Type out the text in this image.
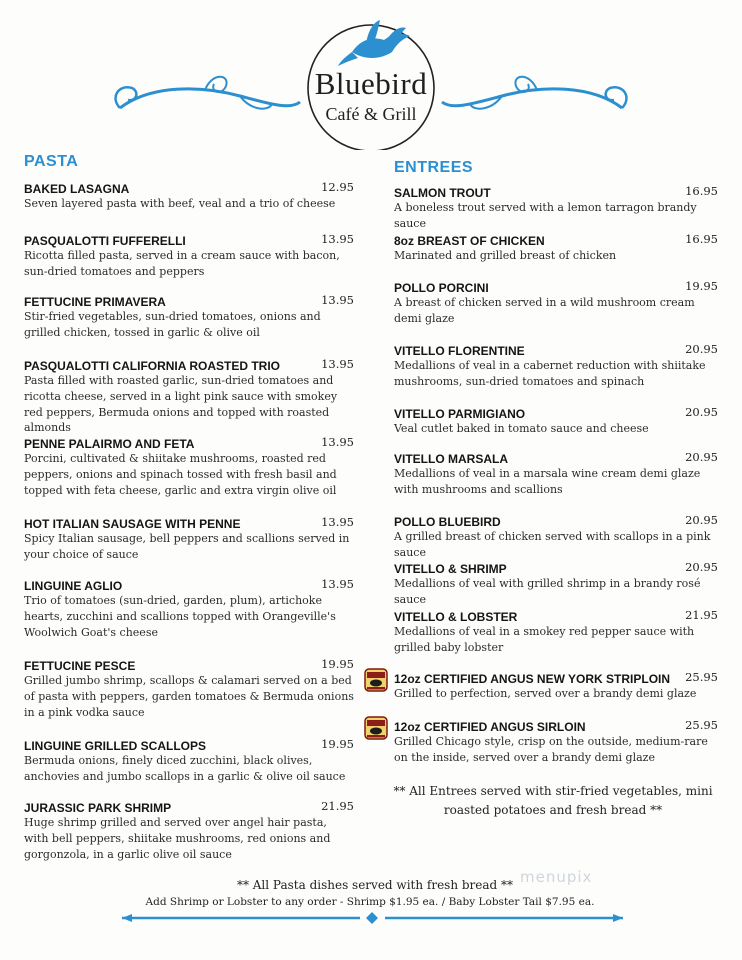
Bluebird
Café & Grill
PASTA
BAKED LASAGNA	12.95
Seven layered pasta with beef, veal and a trio of cheese
PASQUALOTTI FUFFERELLI	13.95
Ricotta filled pasta, served in a cream sauce with bacon, sun-dried tomatoes and peppers
FETTUCINE PRIMAVERA	13.95
Stir-fried vegetables, sun-dried tomatoes, onions and grilled chicken, tossed in garlic & olive oil
PASQUALOTTI CALIFORNIA ROASTED TRIO	13.95
Pasta filled with roasted garlic, sun-dried tomatoes and ricotta cheese, served in a light pink sauce with smokey red peppers, Bermuda onions and topped with roasted almonds
PENNE PALAIRMO AND FETA	13.95
Porcini, cultivated & shiitake mushrooms, roasted red peppers, onions and spinach tossed with fresh basil and topped with feta cheese, garlic and extra virgin olive oil
HOT ITALIAN SAUSAGE WITH PENNE	13.95
Spicy Italian sausage, bell peppers and scallions served in your choice of sauce
LINGUINE AGLIO	13.95
Trio of tomatoes (sun-dried, garden, plum), artichoke hearts, zucchini and scallions topped with Orangeville's Woolwich Goat's cheese
FETTUCINE PESCE	19.95
Grilled jumbo shrimp, scallops & calamari served on a bed of pasta with peppers, garden tomatoes & Bermuda onions in a pink vodka sauce
LINGUINE GRILLED SCALLOPS	19.95
Bermuda onions, finely diced zucchini, black olives, anchovies and jumbo scallops in a garlic & olive oil sauce
JURASSIC PARK SHRIMP	21.95
Huge shrimp grilled and served over angel hair pasta, with bell peppers, shiitake mushrooms, red onions and gorgonzola, in a garlic olive oil sauce
ENTREES
SALMON TROUT	16.95
A boneless trout served with a lemon tarragon brandy sauce
8oz BREAST OF CHICKEN	16.95
Marinated and grilled breast of chicken
POLLO PORCINI	19.95
A breast of chicken served in a wild mushroom cream demi glaze
VITELLO FLORENTINE	20.95
Medallions of veal in a cabernet reduction with shiitake mushrooms, sun-dried tomatoes and spinach
VITELLO PARMIGIANO	20.95
Veal cutlet baked in tomato sauce and cheese
VITELLO MARSALA	20.95
Medallions of veal in a marsala wine cream demi glaze with mushrooms and scallions
POLLO BLUEBIRD	20.95
A grilled breast of chicken served with scallops in a pink sauce
VITELLO & SHRIMP	20.95
Medallions of veal with grilled shrimp in a brandy rosé sauce
VITELLO & LOBSTER	21.95
Medallions of veal in a smokey red pepper sauce with grilled baby lobster
12oz CERTIFIED ANGUS NEW YORK STRIPLOIN 25.95
Grilled to perfection, served over a brandy demi glaze
12oz CERTIFIED ANGUS SIRLOIN	25.95
Grilled Chicago style, crisp on the outside, medium-rare on the inside, served over a brandy demi glaze
** All Entrees served with stir-fried vegetables, mini roasted potatoes and fresh bread **
** All Pasta dishes served with fresh bread **
Add Shrimp or Lobster to any order - Shrimp $1.95 ea. / Baby Lobster Tail $7.95 ea.
menupix
